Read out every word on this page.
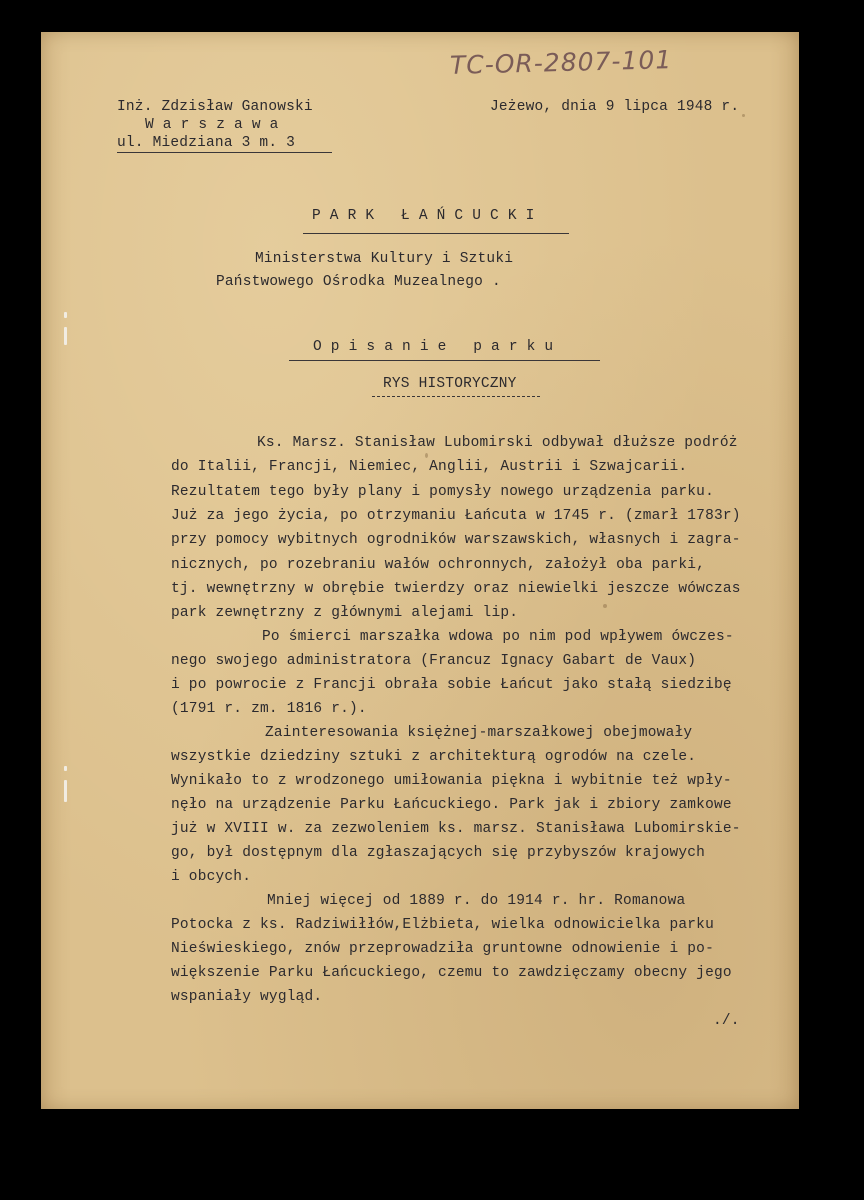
TC-OR-2807-101
Inż. Zdzisław Ganowski
W a r s z a w a
ul. Miedziana 3 m. 3
Jeżewo, dnia 9 lipca 1948 r.
P A R K   Ł A Ń C U C K I
Ministerstwa Kultury i Sztuki
Państwowego Ośrodka Muzealnego .
O p i s a n i e   p a r k u
RYS HISTORYCZNY
Ks. Marsz. Stanisław Lubomirski odbywał dłuższe podróż
do Italii, Francji, Niemiec, Anglii, Austrii i Szwajcarii.
Rezultatem tego były plany i pomysły nowego urządzenia parku.
Już za jego życia, po otrzymaniu Łańcuta w 1745 r. (zmarł 1783r)
przy pomocy wybitnych ogrodników warszawskich, własnych i zagra-
nicznych, po rozebraniu wałów ochronnych, założył oba parki,
tj. wewnętrzny w obrębie twierdzy oraz niewielki jeszcze wówczas
park zewnętrzny z głównymi alejami lip.
Po śmierci marszałka wdowa po nim pod wpływem ówczes-
nego swojego administratora (Francuz Ignacy Gabart de Vaux)
i po powrocie z Francji obrała sobie Łańcut jako stałą siedzibę
(1791 r. zm. 1816 r.).
Zainteresowania księżnej-marszałkowej obejmowały
wszystkie dziedziny sztuki z architekturą ogrodów na czele.
Wynikało to z wrodzonego umiłowania piękna i wybitnie też wpły-
nęło na urządzenie Parku Łańcuckiego. Park jak i zbiory zamkowe
już w XVIII w. za zezwoleniem ks. marsz. Stanisława Lubomirskie-
go, był dostępnym dla zgłaszających się przybyszów krajowych
i obcych.
Mniej więcej od 1889 r. do 1914 r. hr. Romanowa
Potocka z ks. Radziwiłłów,Elżbieta, wielka odnowicielka parku
Nieświeskiego, znów przeprowadziła gruntowne odnowienie i po-
większenie Parku Łańcuckiego, czemu to zawdzięczamy obecny jego
wspaniały wygląd.
./.
